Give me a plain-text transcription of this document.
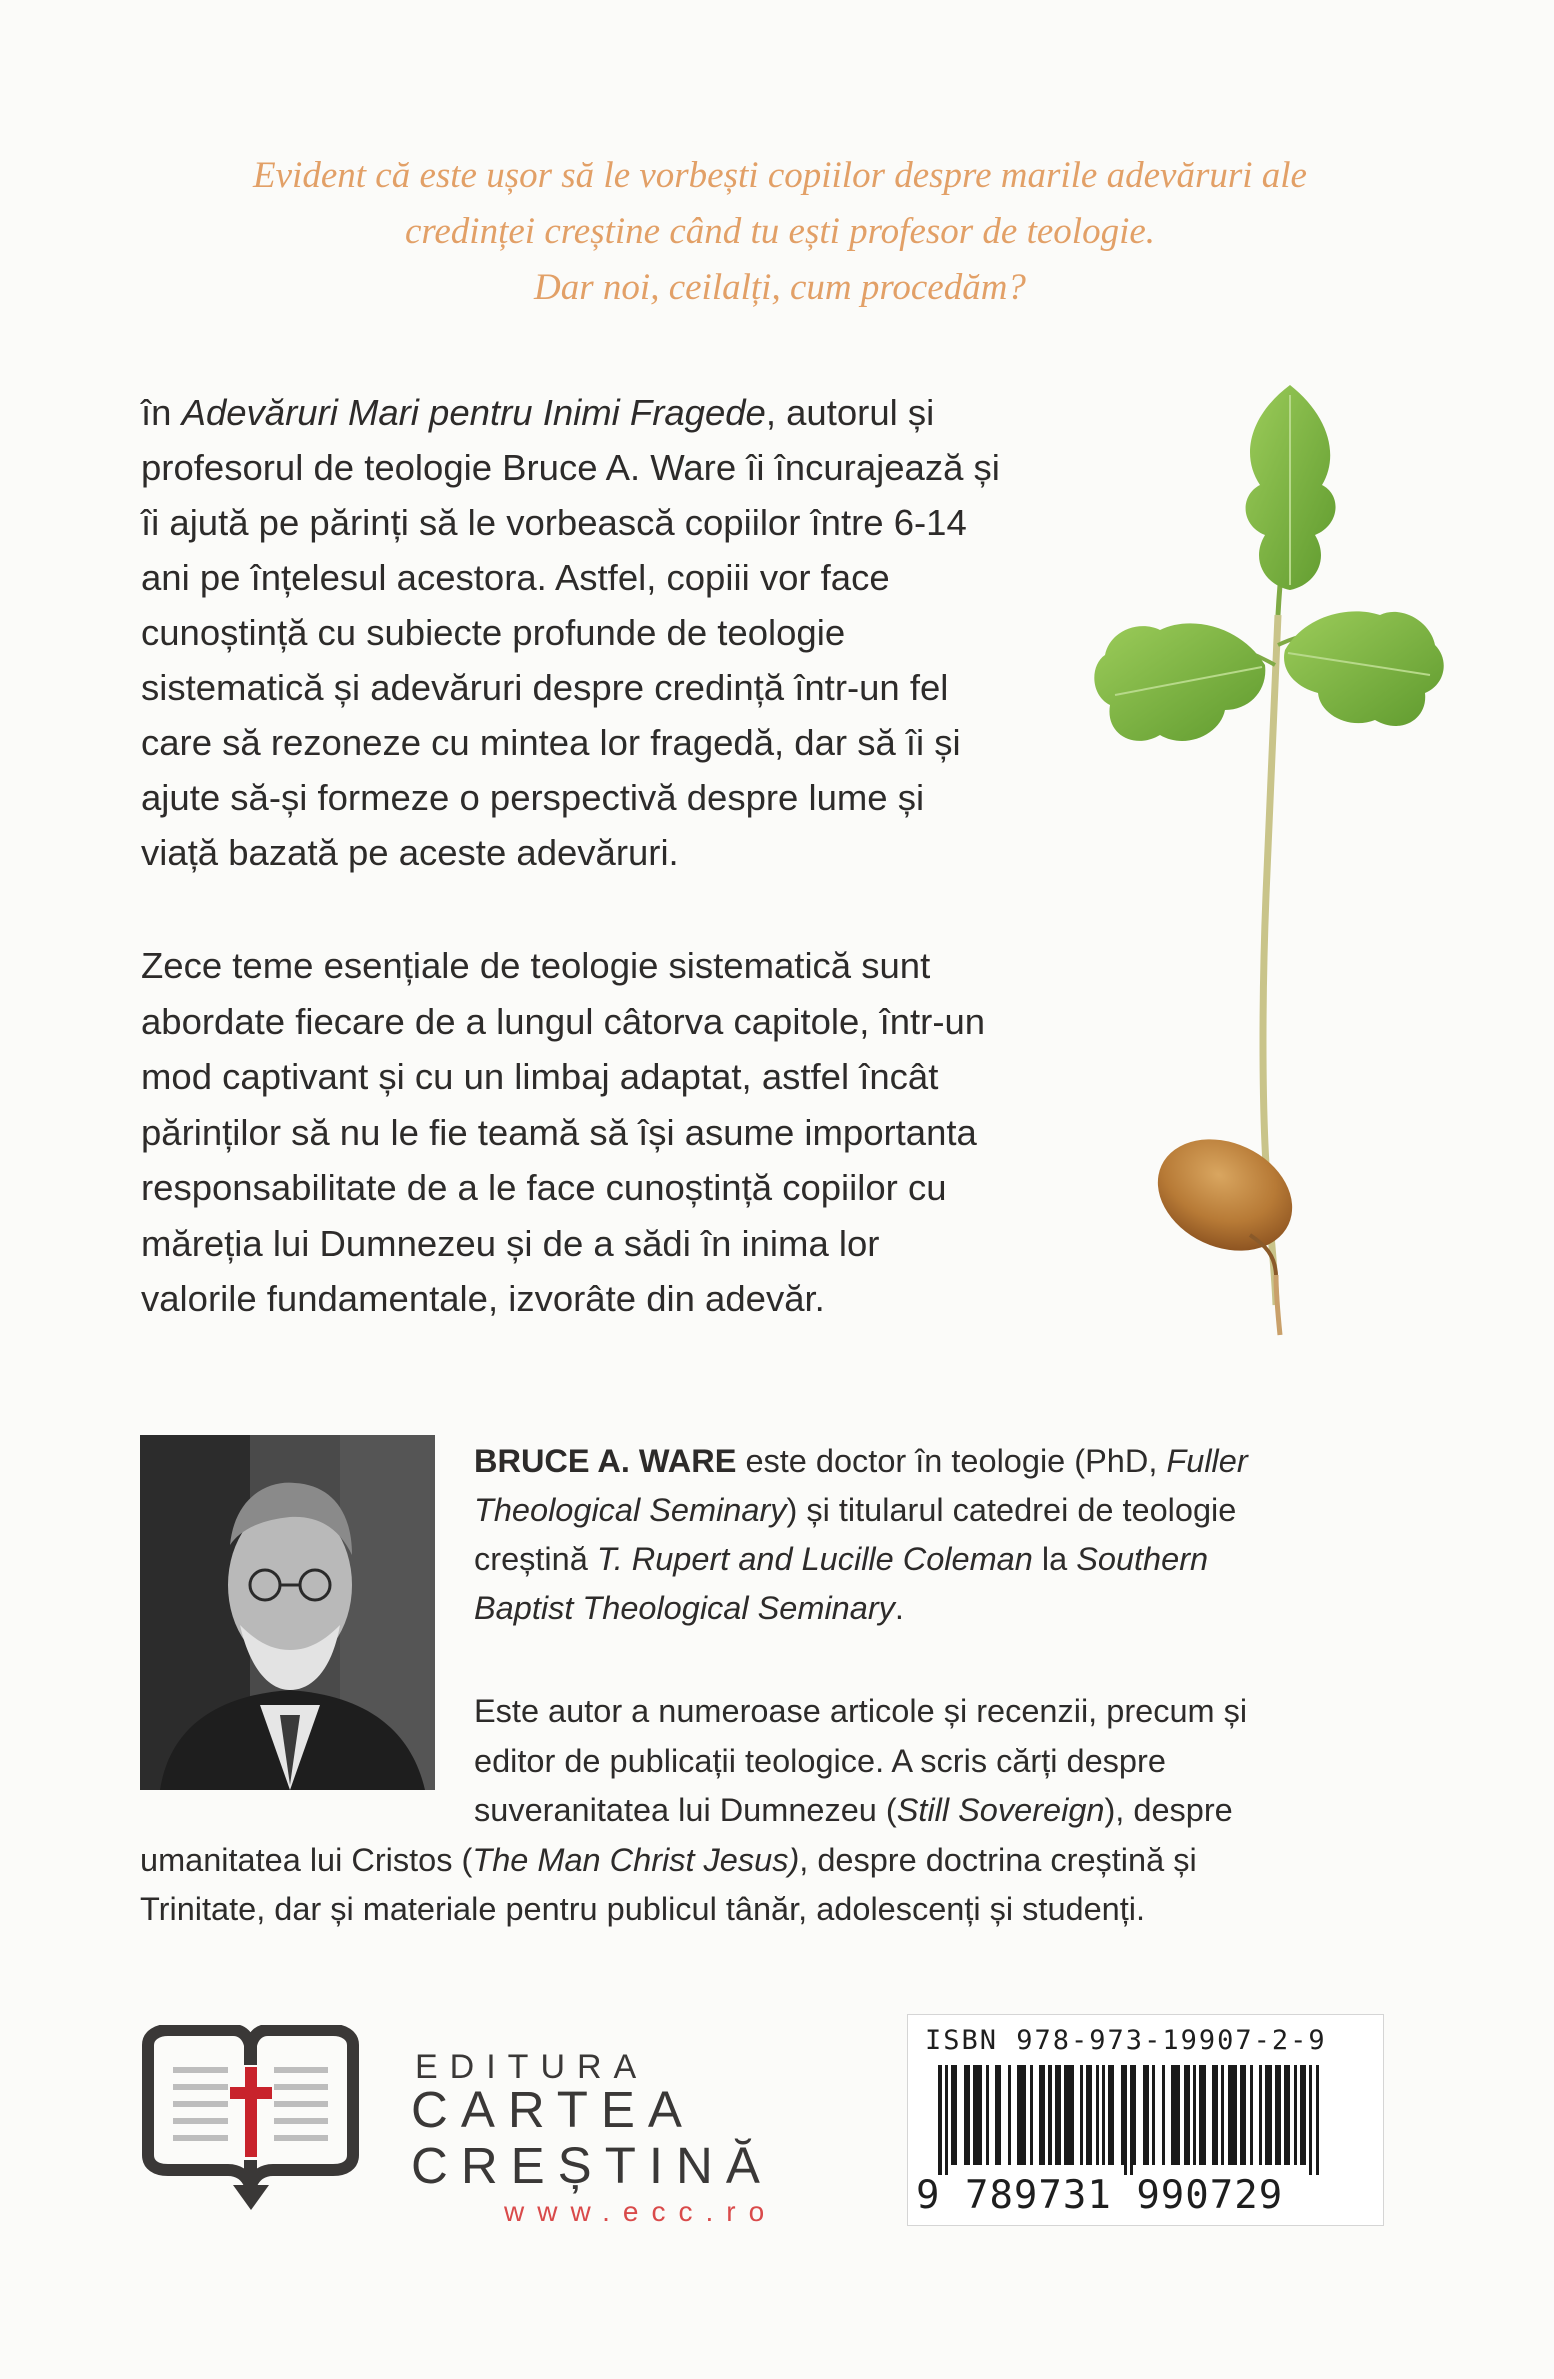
Evident că este ușor să le vorbești copiilor despre marile adevăruri ale
credinței creștine când tu ești profesor de teologie.
Dar noi, ceilalți, cum procedăm?
în Adevăruri Mari pentru Inimi Fragede, autorul și
profesorul de teologie Bruce A. Ware îi încurajează și
îi ajută pe părinți să le vorbească copiilor între 6-14
ani pe înțelesul acestora. Astfel, copiii vor face
cunoștință cu subiecte profunde de teologie
sistematică și adevăruri despre credință într-un fel
care să rezoneze cu mintea lor fragedă, dar să îi și
ajute să-și formeze o perspectivă despre lume și
viață bazată pe aceste adevăruri.
Zece teme esențiale de teologie sistematică sunt
abordate fiecare de a lungul câtorva capitole, într-un
mod captivant și cu un limbaj adaptat, astfel încât
părinților să nu le fie teamă să își asume importanta
responsabilitate de a le face cunoștință copiilor cu
măreția lui Dumnezeu și de a sădi în inima lor
valorile fundamentale, izvorâte din adevăr.
BRUCE A. WARE este doctor în teologie (PhD, Fuller
Theological Seminary) și titularul catedrei de teologie
creștină T. Rupert and Lucille Coleman la Southern
Baptist Theological Seminary .
Este autor a numeroase articole și recenzii, precum și
editor de publicații teologice. A scris cărți despre
suveranitatea lui Dumnezeu (Still Sovereign), despre
umanitatea lui Cristos (The Man Christ Jesus), despre doctrina creștină și
Trinitate, dar și materiale pentru publicul tânăr, adolescenți și studenți.
EDITURA
CARTEA
CREȘTINĂ
www.ecc.ro
ISBN 978-973-19907-2-9
9 789731 990729
